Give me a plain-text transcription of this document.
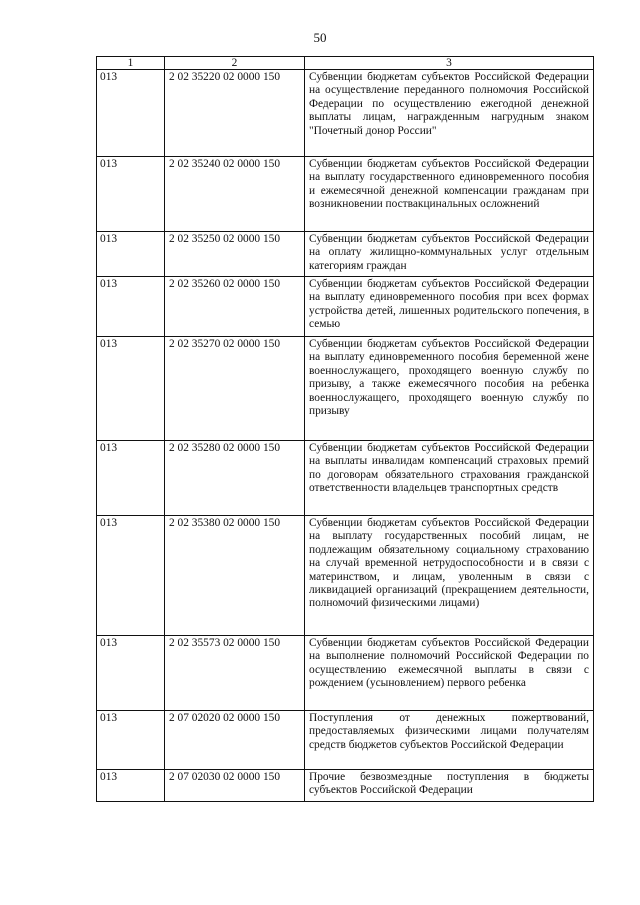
50
1	2	3
013	2 02 35220 02 0000 150	Субвенции бюджетам субъектов Российской Федерации на осуществление переданного полномочия Российской Федерации по осуществлению ежегодной денежной выплаты лицам, награжденным нагрудным знаком "Почетный донор России"
013	2 02 35240 02 0000 150	Субвенции бюджетам субъектов Российской Федерации на выплату государственного единовременного пособия и ежемесячной денежной компенсации гражданам при возникновении поствакцинальных осложнений
013	2 02 35250 02 0000 150	Субвенции бюджетам субъектов Российской Федерации на оплату жилищно-коммунальных услуг отдельным категориям граждан
013	2 02 35260 02 0000 150	Субвенции бюджетам субъектов Российской Федерации на выплату единовременного пособия при всех формах устройства детей, лишенных родительского попечения, в семью
013	2 02 35270 02 0000 150	Субвенции бюджетам субъектов Российской Федерации на выплату единовременного пособия беременной жене военнослужащего, проходящего военную службу по призыву, а также ежемесячного пособия на ребенка военнослужащего, проходящего военную службу по призыву
013	2 02 35280 02 0000 150	Субвенции бюджетам субъектов Российской Федерации на выплаты инвалидам компенсаций страховых премий по договорам обязательного страхования гражданской ответственности владельцев транспортных средств
013	2 02 35380 02 0000 150	Субвенции бюджетам субъектов Российской Федерации на выплату государственных пособий лицам, не подлежащим обязательному социальному страхованию на случай временной нетрудоспособности и в связи с материнством, и лицам, уволенным в связи с ликвидацией организаций (прекращением деятельности, полномочий физическими лицами)
013	2 02 35573 02 0000 150	Субвенции бюджетам субъектов Российской Федерации на выполнение полномочий Российской Федерации по осуществлению ежемесячной выплаты в связи с рождением (усыновлением) первого ребенка
013	2 07 02020 02 0000 150	Поступления от денежных пожертвований, предоставляемых физическими лицами получателям средств бюджетов субъектов Российской Федерации
013	2 07 02030 02 0000 150	Прочие безвозмездные поступления в бюджеты субъектов Российской Федерации
